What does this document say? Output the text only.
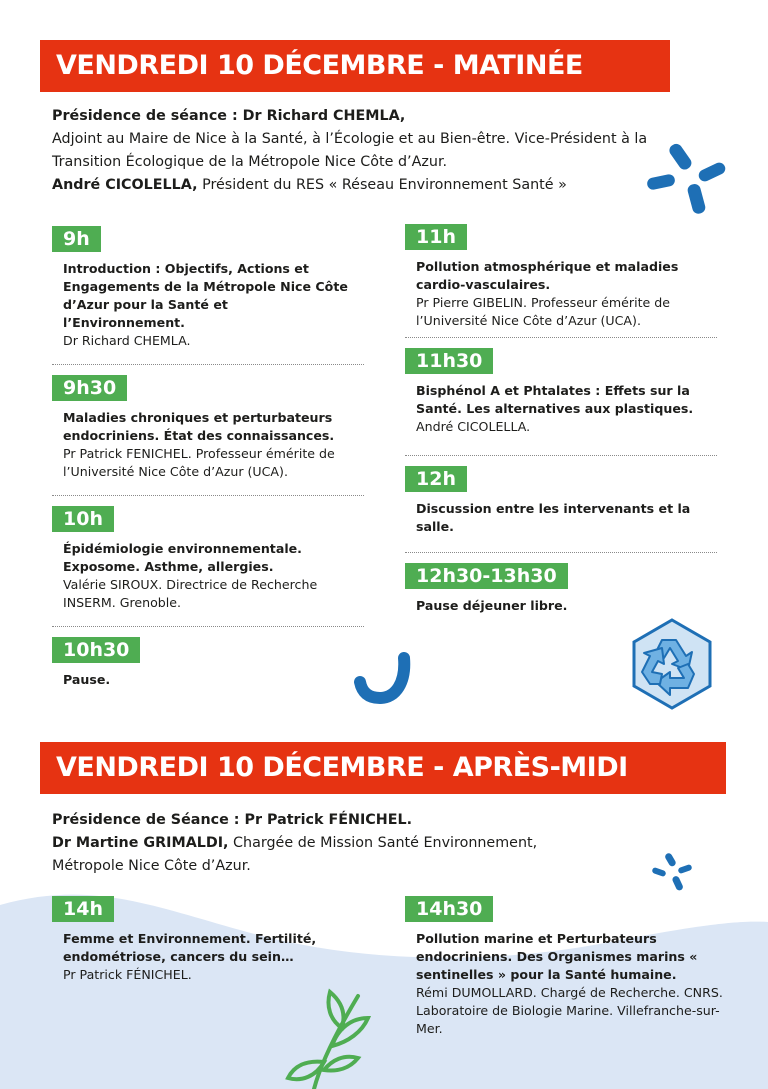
VENDREDI 10 DÉCEMBRE - MATINÉE
Présidence de séance : Dr Richard CHEMLA,
Adjoint au Maire de Nice à la Santé, à l’Écologie et au Bien-être. Vice-Président à la Transition Écologique de la Métropole Nice Côte d’Azur.
André CICOLELLA, Président du RES « Réseau Environnement Santé »
9h
Introduction : Objectifs, Actions et Engagements de la Métropole Nice Côte d’Azur pour la Santé et l’Environnement.
Dr Richard CHEMLA.
9h30
Maladies chroniques et perturbateurs endocriniens. État des connaissances.
Pr Patrick FENICHEL. Professeur émérite de l’Université Nice Côte d’Azur (UCA).
10h
Épidémiologie environnementale. Exposome. Asthme, allergies.
Valérie SIROUX. Directrice de Recherche INSERM. Grenoble.
10h30
Pause.
11h
Pollution atmosphérique et maladies cardio-vasculaires.
Pr Pierre GIBELIN. Professeur émérite de l’Université Nice Côte d’Azur (UCA).
11h30
Bisphénol A et Phtalates : Effets sur la Santé. Les alternatives aux plastiques.
André CICOLELLA.
12h
Discussion entre les intervenants et la salle.
12h30-13h30
Pause déjeuner libre.
VENDREDI 10 DÉCEMBRE - APRÈS-MIDI
Présidence de Séance : Pr Patrick FÉNICHEL.
Dr Martine GRIMALDI, Chargée de Mission Santé Environnement, Métropole Nice Côte d’Azur.
14h
Femme et Environnement. Fertilité, endométriose, cancers du sein…
Pr Patrick FÉNICHEL.
14h30
Pollution marine et Perturbateurs endocriniens. Des Organismes marins « sentinelles » pour la Santé humaine.
Rémi DUMOLLARD. Chargé de Recherche. CNRS. Laboratoire de Biologie Marine. Villefranche-sur-Mer.
